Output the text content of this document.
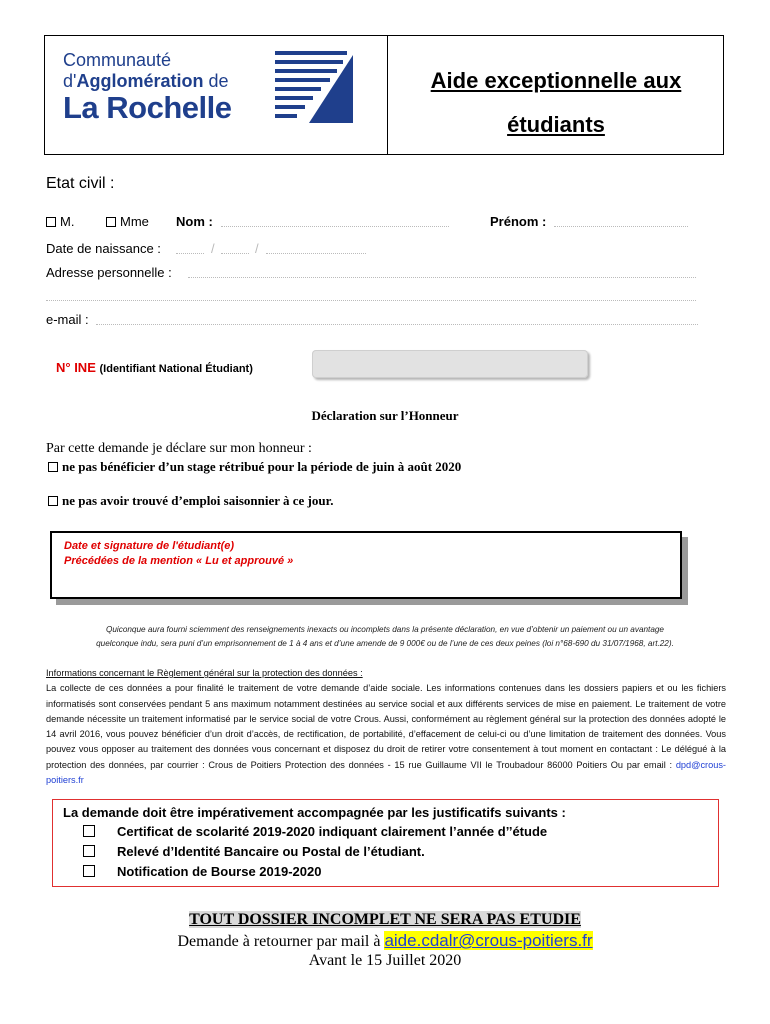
Communauté
d'Agglomération de
La Rochelle
Aide exceptionnelle aux
étudiants
Etat civil :
M.	Mme Nom :	Prénom :
Date de naissance :	/	/
Adresse personnelle :
e-mail :
N° INE (Identifiant National Étudiant)
Déclaration sur l’Honneur
Par cette demande je déclare sur mon honneur :
ne pas bénéficier d’un stage rétribué pour la période de juin à août 2020
ne pas avoir trouvé d’emploi saisonnier à ce jour.
Date et signature de l'étudiant(e)
Précédées de la mention « Lu et approuvé »
Quiconque aura fourni sciemment des renseignements inexacts ou incomplets dans la présente déclaration, en vue d’obtenir un paiement ou un avantage
quelconque indu, sera puni d’un emprisonnement de 1 à 4 ans et d’une amende de 9 000€ ou de l’une de ces deux peines (loi n°68-690 du 31/07/1968, art.22).
Informations concernant le Règlement général sur la protection des données :
La collecte de ces données a pour finalité le traitement de votre demande d’aide sociale. Les informations contenues dans les dossiers papiers et ou les fichiers informatisés sont conservées pendant 5 ans maximum notamment destinées au service social et aux différents services de mise en paiement. Le traitement de votre demande nécessite un traitement informatisé par le service social de votre Crous. Aussi, conformément au règlement général sur la protection des données adopté le 14 avril 2016, vous pouvez bénéficier d’un droit d’accès, de rectification, de portabilité, d’effacement de celui-ci ou d’une limitation de traitement des données. Vous pouvez vous opposer au traitement des données vous concernant et disposez du droit de retirer votre consentement à tout moment en contactant : Le délégué à la protection des données, par courrier : Crous de Poitiers Protection des données - 15 rue Guillaume VII le Troubadour 86000 Poitiers Ou par email : dpd@crous-poitiers.fr
La demande doit être impérativement accompagnée par les justificatifs suivants :
Certificat de scolarité 2019-2020 indiquant clairement l’année d’’étude
Relevé d’Identité Bancaire ou Postal de l’étudiant.
Notification de Bourse 2019-2020
TOUT DOSSIER INCOMPLET NE SERA PAS ETUDIE
Demande à retourner par mail à aide.cdalr@crous-poitiers.fr
Avant le 15 Juillet 2020
